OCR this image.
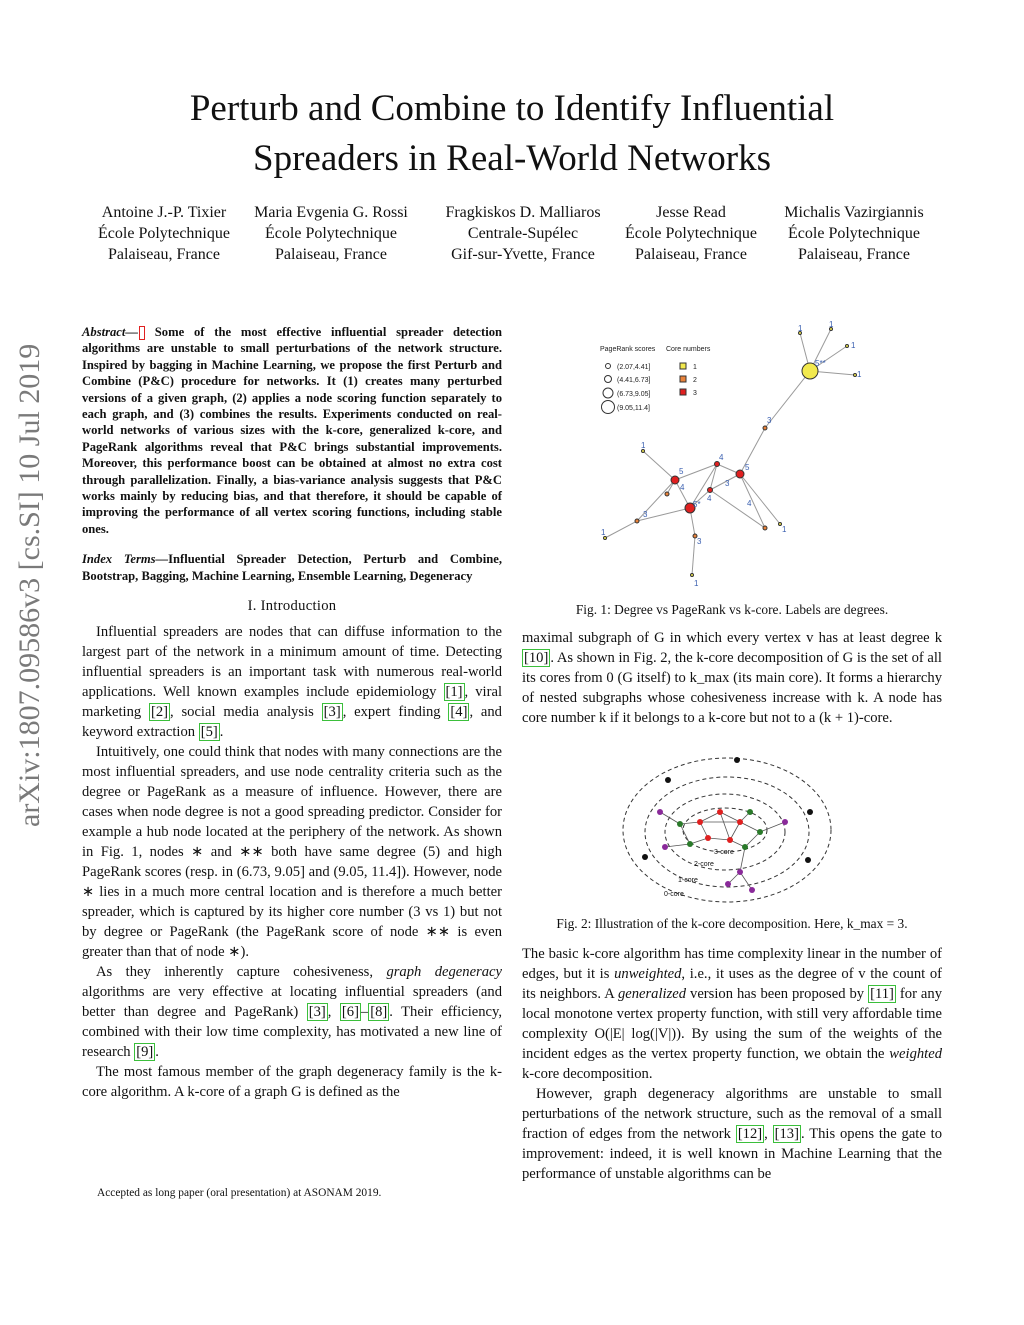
Perturb and Combine to Identify Influential
Spreaders in Real-World Networks
Antoine J.-P. Tixier
École Polytechnique
Palaiseau, France
Maria Evgenia G. Rossi
École Polytechnique
Palaiseau, France
Fragkiskos D. Malliaros
Centrale-Supélec
Gif-sur-Yvette, France
Jesse Read
École Polytechnique
Palaiseau, France
Michalis Vazirgiannis
École Polytechnique
Palaiseau, France
arXiv:1807.09586v3 [cs.SI] 10 Jul 2019
Abstract— Some of the most effective influential spreader detection algorithms are unstable to small perturbations of the network structure. Inspired by bagging in Machine Learning, we propose the first Perturb and Combine (P&C) procedure for networks. It (1) creates many perturbed versions of a given graph, (2) applies a node scoring function separately to each graph, and (3) combines the results. Experiments conducted on real-world networks of various sizes with the k-core, generalized k-core, and PageRank algorithms reveal that P&C brings substantial improvements. Moreover, this performance boost can be obtained at almost no extra cost through parallelization. Finally, a bias-variance analysis suggests that P&C works mainly by reducing bias, and that therefore, it should be capable of improving the performance of all vertex scoring functions, including stable ones.
Index Terms—Influential Spreader Detection, Perturb and Combine, Bootstrap, Bagging, Machine Learning, Ensemble Learning, Degeneracy
I. Introduction

Influential spreaders are nodes that can diffuse information to the largest part of the network in a minimum amount of time. Detecting influential spreaders is an important task with numerous real-world applications. Well known examples include epidemiology [1] , viral marketing [2] , social media analysis [3] , expert finding [4] , and keyword extraction [5] .

Intuitively, one could think that nodes with many connections are the most influential spreaders, and use node centrality criteria such as the degree or PageRank as a measure of influence. However, there are cases when node degree is not a good spreading predictor. Consider for example a hub node located at the periphery of the network. As shown in Fig. 1, nodes ∗ and ∗∗ both have same degree (5) and high PageRank scores (resp. in (6.73, 9.05] and (9.05, 11.4]). However, node ∗ lies in a much more central location and is therefore a much better spreader, which is captured by its higher core number (3 vs 1) but not by degree or PageRank (the PageRank score of node ∗∗ is even greater than that of node ∗).

As they inherently capture cohesiveness, graph degeneracy algorithms are very effective at locating influential spreaders (and better than degree and PageRank) [3] , [6] – [8] . Their efficiency, combined with their low time complexity, has motivated a new line of research [9] .

The most famous member of the graph degeneracy family is the k-core algorithm. A k-core of a graph G is defined as the

Accepted as long paper (oral presentation) at ASONAM 2019.
1	1
1
1
5**
3
5
4
5
4
5*
4
3
1
3
1
3
1
4
1
PageRank scores Core numbers
(2.07,4.41]
(4.41,6.73]
(6.73,9.05]
(9.05,11.4]
1
2
3
Fig. 1: Degree vs PageRank vs k-core. Labels are degrees.

maximal subgraph of G in which every vertex v has at least degree k [10] . As shown in Fig. 2, the k-core decomposition of G is the set of all its cores from 0 (G itself) to k_max (its main core). It forms a hierarchy of nested subgraphs whose cohesiveness increase with k. A node has core number k if it belongs to a k-core but not to a (k + 1)-core.

3-core
2-core
1-core
0-core
Fig. 2: Illustration of the k-core decomposition. Here, k_max = 3.

The basic k-core algorithm has time complexity linear in the number of edges, but it is unweighted, i.e., it uses as the degree of v the count of its neighbors. A generalized version has been proposed by [11] for any local monotone vertex property function, with still very affordable time complexity O(|E| log(|V|)). By using the sum of the weights of the incident edges as the vertex property function, we obtain the weighted k-core decomposition.

However, graph degeneracy algorithms are unstable to small perturbations of the network structure, such as the removal of a small fraction of edges from the network [12] , [13] . This opens the gate to improvement: indeed, it is well known in Machine Learning that the performance of unstable algorithms can be
